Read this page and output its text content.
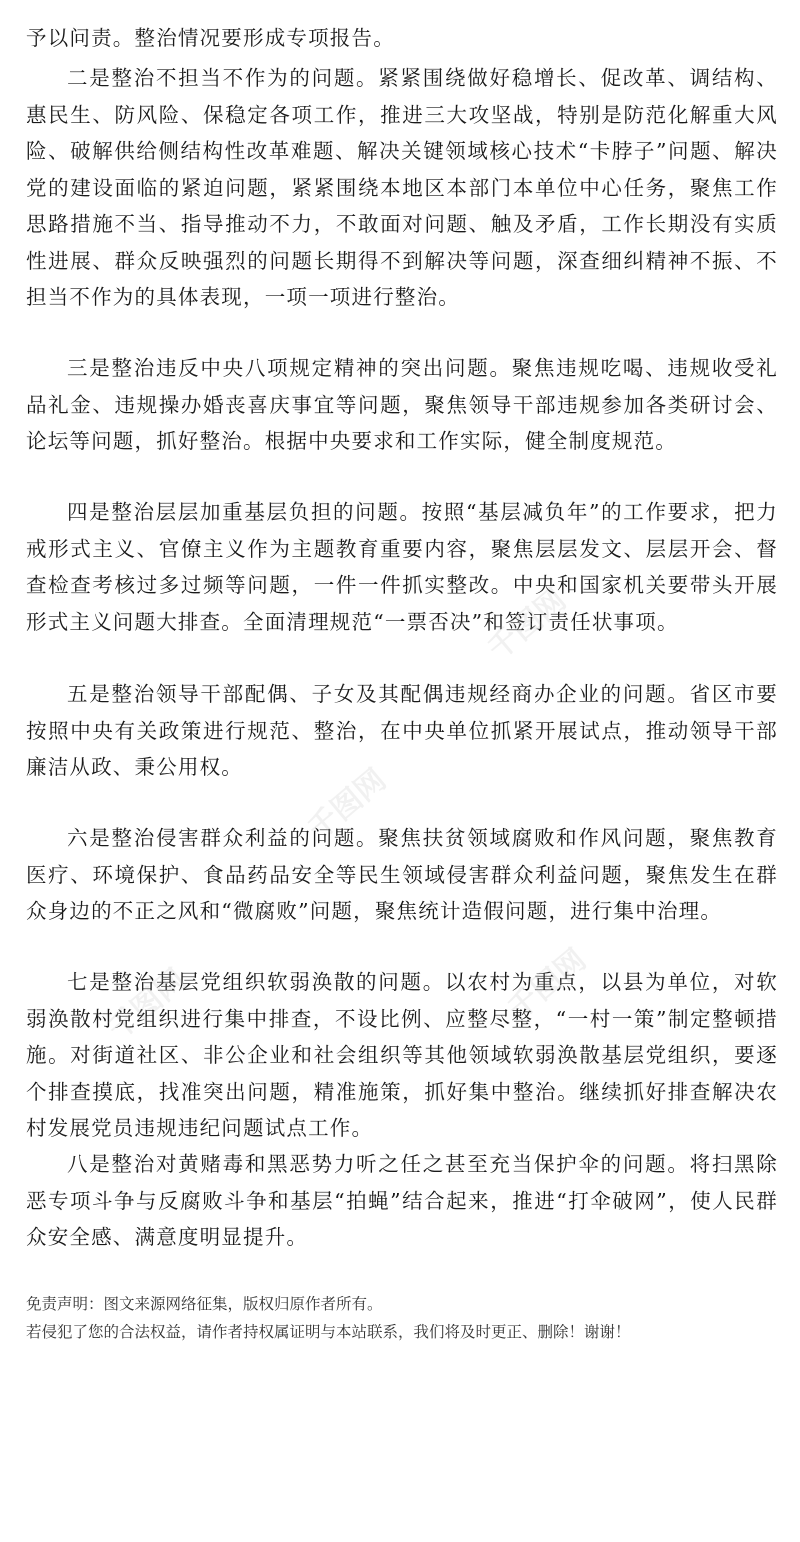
予以问责。整治情况要形成专项报告。

二是整治不担当不作为的问题。紧紧围绕做好稳增长、促改革、调结构、惠民生、防风险、保稳定各项工作，推进三大攻坚战，特别是防范化解重大风险、破解供给侧结构性改革难题、解决关键领域核心技术“卡脖子”问题、解决党的建设面临的紧迫问题，紧紧围绕本地区本部门本单位中心任务，聚焦工作思路措施不当、指导推动不力，不敢面对问题、触及矛盾，工作长期没有实质性进展、群众反映强烈的问题长期得不到解决等问题，深查细纠精神不振、不担当不作为的具体表现，一项一项进行整治。

三是整治违反中央八项规定精神的突出问题。聚焦违规吃喝、违规收受礼品礼金、违规操办婚丧喜庆事宜等问题，聚焦领导干部违规参加各类研讨会、论坛等问题，抓好整治。根据中央要求和工作实际，健全制度规范。

四是整治层层加重基层负担的问题。按照“基层减负年”的工作要求，把力戒形式主义、官僚主义作为主题教育重要内容，聚焦层层发文、层层开会、督查检查考核过多过频等问题，一件一件抓实整改。中央和国家机关要带头开展形式主义问题大排查。全面清理规范“一票否决”和签订责任状事项。

五是整治领导干部配偶、子女及其配偶违规经商办企业的问题。省区市要按照中央有关政策进行规范、整治，在中央单位抓紧开展试点，推动领导干部廉洁从政、秉公用权。

六是整治侵害群众利益的问题。聚焦扶贫领域腐败和作风问题，聚焦教育医疗、环境保护、食品药品安全等民生领域侵害群众利益问题，聚焦发生在群众身边的不正之风和“微腐败”问题，聚焦统计造假问题，进行集中治理。

七是整治基层党组织软弱涣散的问题。以农村为重点，以县为单位，对软弱涣散村党组织进行集中排查，不设比例、应整尽整，“一村一策”制定整顿措施。对街道社区、非公企业和社会组织等其他领域软弱涣散基层党组织，要逐个排查摸底，找准突出问题，精准施策，抓好集中整治。继续抓好排查解决农村发展党员违规违纪问题试点工作。

八是整治对黄赌毒和黑恶势力听之任之甚至充当保护伞的问题。将扫黑除恶专项斗争与反腐败斗争和基层“拍蝇”结合起来，推进“打伞破网”，使人民群众安全感、满意度明显提升。

免责声明：图文来源网络征集，版权归原作者所有。

若侵犯了您的合法权益，请作者持权属证明与本站联系，我们将及时更正、删除！谢谢！

千图网
千图网
千图网	千图网
